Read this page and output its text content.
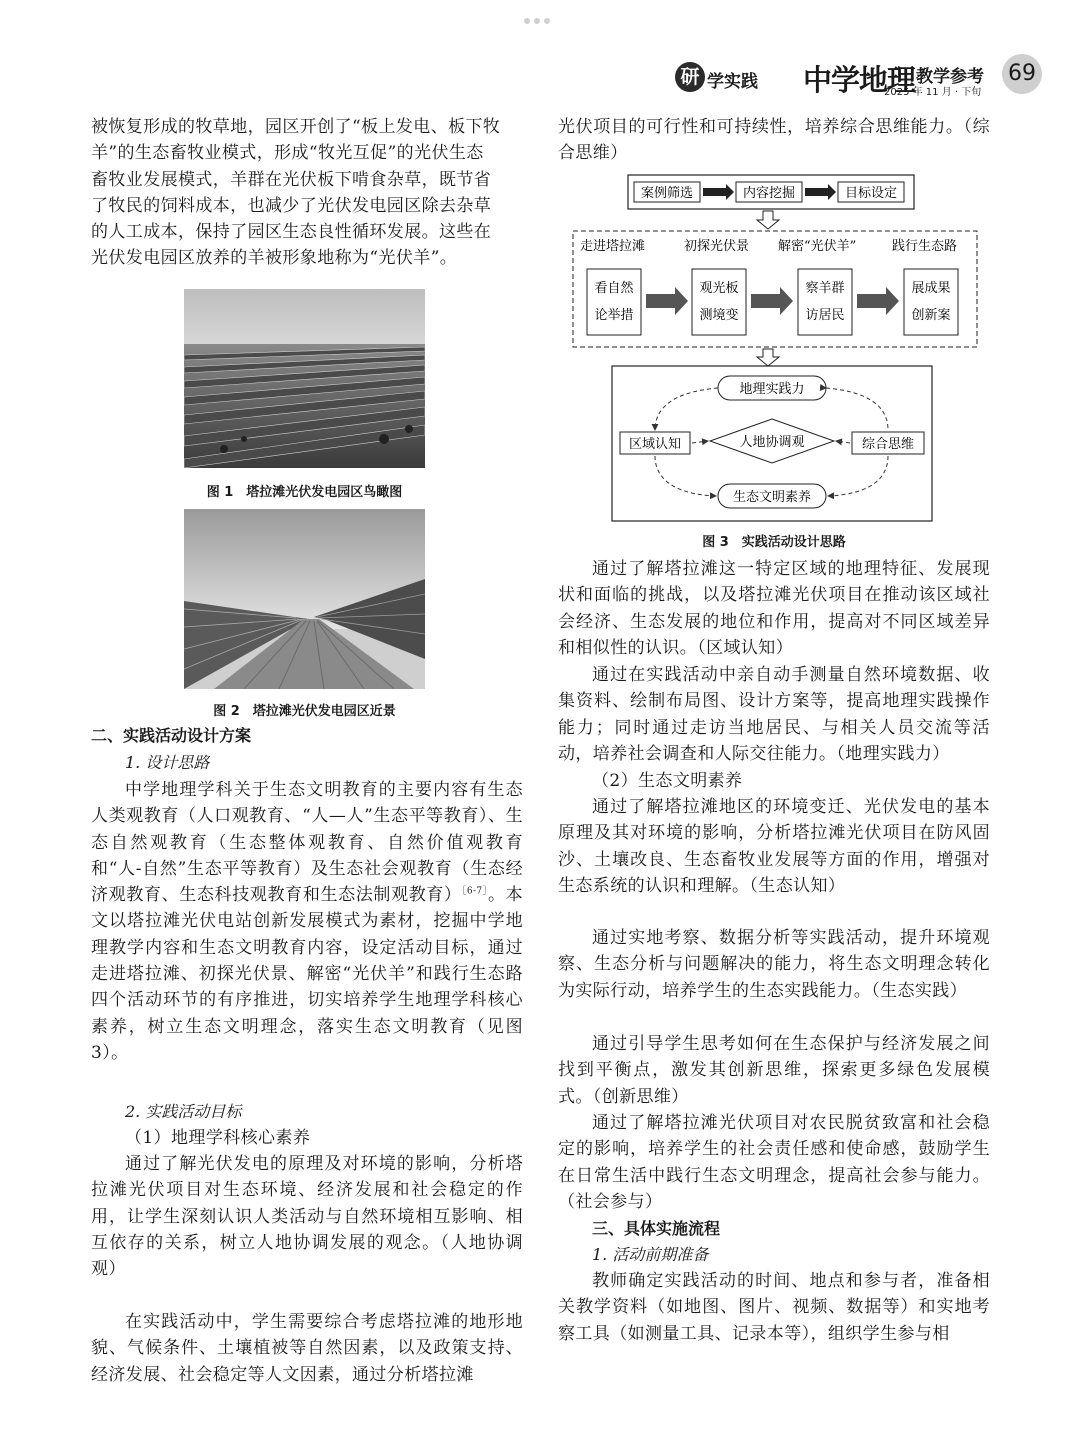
研 学实践 中学地理 教学参考
2025 年 11 月 · 下旬
69
被恢复形成的牧草地，园区开创了“板上发电、板下牧
羊”的生态畜牧业模式，形成“牧光互促”的光伏生态
畜牧业发展模式，羊群在光伏板下啃食杂草，既节省
了牧民的饲料成本，也减少了光伏发电园区除去杂草
的人工成本，保持了园区生态良性循环发展。这些在
光伏发电园区放养的羊被形象地称为“光伏羊”。
图 1　塔拉滩光伏发电园区鸟瞰图
图 2　塔拉滩光伏发电园区近景
二、实践活动设计方案
1. 设计思路
中学地理学科关于生态文明教育的主要内容有生态人类观教育（人口观教育、“人—人”生态平等教育）、生态自然观教育（生态整体观教育、自然价值观教育和“人-自然”生态平等教育）及生态社会观教育（生态经济观教育、生态科技观教育和生态法制观教育）$^{[6-7]}$。本文以塔拉滩光伏电站创新发展模式为素材，挖掘中学地理教学内容和生态文明教育内容，设定活动目标，通过走进塔拉滩、初探光伏景、解密“光伏羊”和践行生态路四个活动环节的有序推进，切实培养学生地理学科核心素养，树立生态文明理念，落实生态文明教育（见图 3）。
2. 实践活动目标
（1）地理学科核心素养
通过了解光伏发电的原理及对环境的影响，分析塔拉滩光伏项目对生态环境、经济发展和社会稳定的作用，让学生深刻认识人类活动与自然环境相互影响、相互依存的关系，树立人地协调发展的观念。（人地协调观）
在实践活动中，学生需要综合考虑塔拉滩的地形地貌、气候条件、土壤植被等自然因素，以及政策支持、经济发展、社会稳定等人文因素，通过分析塔拉滩
光伏项目的可行性和可持续性，培养综合思维能力。（综合思维）
案例筛选	内容挖掘	目标设定
走进塔拉滩	初探光伏景 解密“光伏羊”	践行生态路
看自然
论举措
观光板
测境变
察羊群
访居民
展成果
创新案
地理实践力
区域认知	人地协调观	综合思维
生态文明素养
图 3　实践活动设计思路
通过了解塔拉滩这一特定区域的地理特征、发展现状和面临的挑战，以及塔拉滩光伏项目在推动该区域社会经济、生态发展的地位和作用，提高对不同区域差异和相似性的认识。（区域认知）
通过在实践活动中亲自动手测量自然环境数据、收集资料、绘制布局图、设计方案等，提高地理实践操作能力；同时通过走访当地居民、与相关人员交流等活动，培养社会调查和人际交往能力。（地理实践力）
（2）生态文明素养
通过了解塔拉滩地区的环境变迁、光伏发电的基本原理及其对环境的影响，分析塔拉滩光伏项目在防风固沙、土壤改良、生态畜牧业发展等方面的作用，增强对生态系统的认识和理解。（生态认知）
通过实地考察、数据分析等实践活动，提升环境观察、生态分析与问题解决的能力，将生态文明理念转化为实际行动，培养学生的生态实践能力。（生态实践）
通过引导学生思考如何在生态保护与经济发展之间找到平衡点，激发其创新思维，探索更多绿色发展模式。（创新思维）
通过了解塔拉滩光伏项目对农民脱贫致富和社会稳定的影响，培养学生的社会责任感和使命感，鼓励学生在日常生活中践行生态文明理念，提高社会参与能力。（社会参与）
三、具体实施流程
1. 活动前期准备
教师确定实践活动的时间、地点和参与者，准备相关教学资料（如地图、图片、视频、数据等）和实地考察工具（如测量工具、记录本等），组织学生参与相
